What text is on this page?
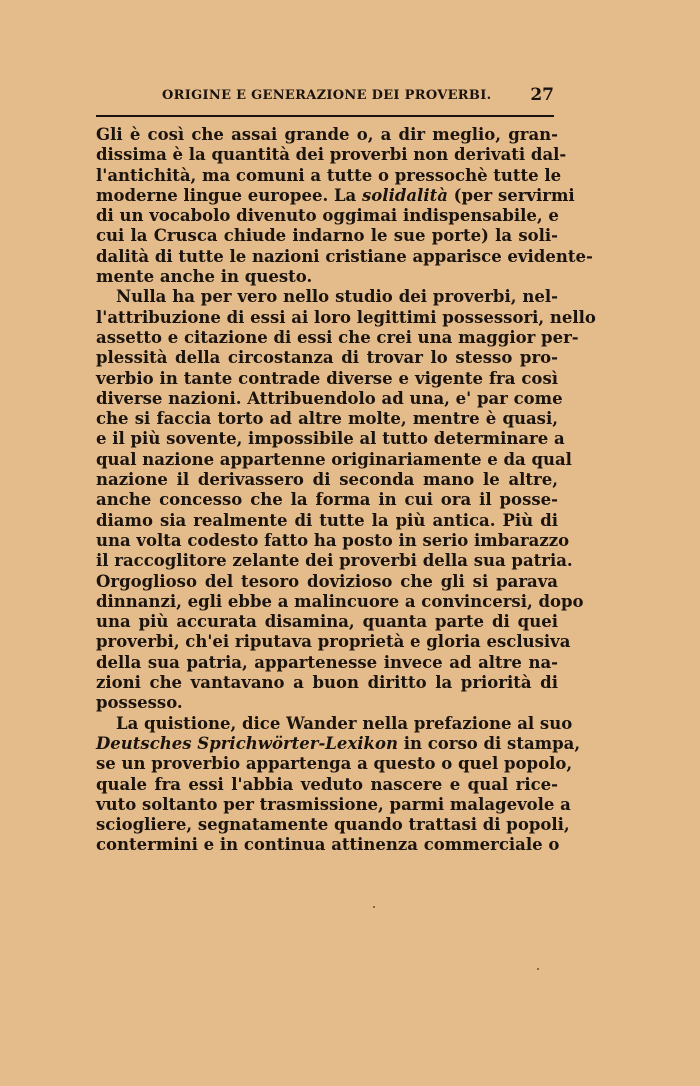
ORIGINE E GENERAZIONE DEI PROVERBI. 27
Gli è così che assai grande o, a dir meglio, gran-
dissima è la quantità dei proverbi non derivati dal-
l'antichità, ma comuni a tutte o pressochè tutte le
moderne lingue europee. La solidalità (per servirmi
di un vocabolo divenuto oggimai indispensabile, e
cui la Crusca chiude indarno le sue porte) la soli-
dalità di tutte le nazioni cristiane apparisce evidente-
mente anche in questo.
Nulla ha per vero nello studio dei proverbi, nel-
l'attribuzione di essi ai loro legittimi possessori, nello
assetto e citazione di essi che crei una maggior per-
plessità della circostanza di trovar lo stesso pro-
verbio in tante contrade diverse e vigente fra così
diverse nazioni. Attribuendolo ad una, e' par come
che si faccia torto ad altre molte, mentre è quasi,
e il più sovente, impossibile al tutto determinare a
qual nazione appartenne originariamente e da qual
nazione il derivassero di seconda mano le altre,
anche concesso che la forma in cui ora il posse-
diamo sia realmente di tutte la più antica. Più di
una volta codesto fatto ha posto in serio imbarazzo
il raccoglitore zelante dei proverbi della sua patria.
Orgoglioso del tesoro dovizioso che gli si parava
dinnanzi, egli ebbe a malincuore a convincersi, dopo
una più accurata disamina, quanta parte di quei
proverbi, ch'ei riputava proprietà e gloria esclusiva
della sua patria, appartenesse invece ad altre na-
zioni che vantavano a buon diritto la priorità di
possesso.
La quistione, dice Wander nella prefazione al suo
Deutsches Sprichwörter-Lexikon in corso di stampa,
se un proverbio appartenga a questo o quel popolo,
quale fra essi l'abbia veduto nascere e qual rice-
vuto soltanto per trasmissione, parmi malagevole a
sciogliere, segnatamente quando trattasi di popoli,
contermini e in continua attinenza commerciale o
